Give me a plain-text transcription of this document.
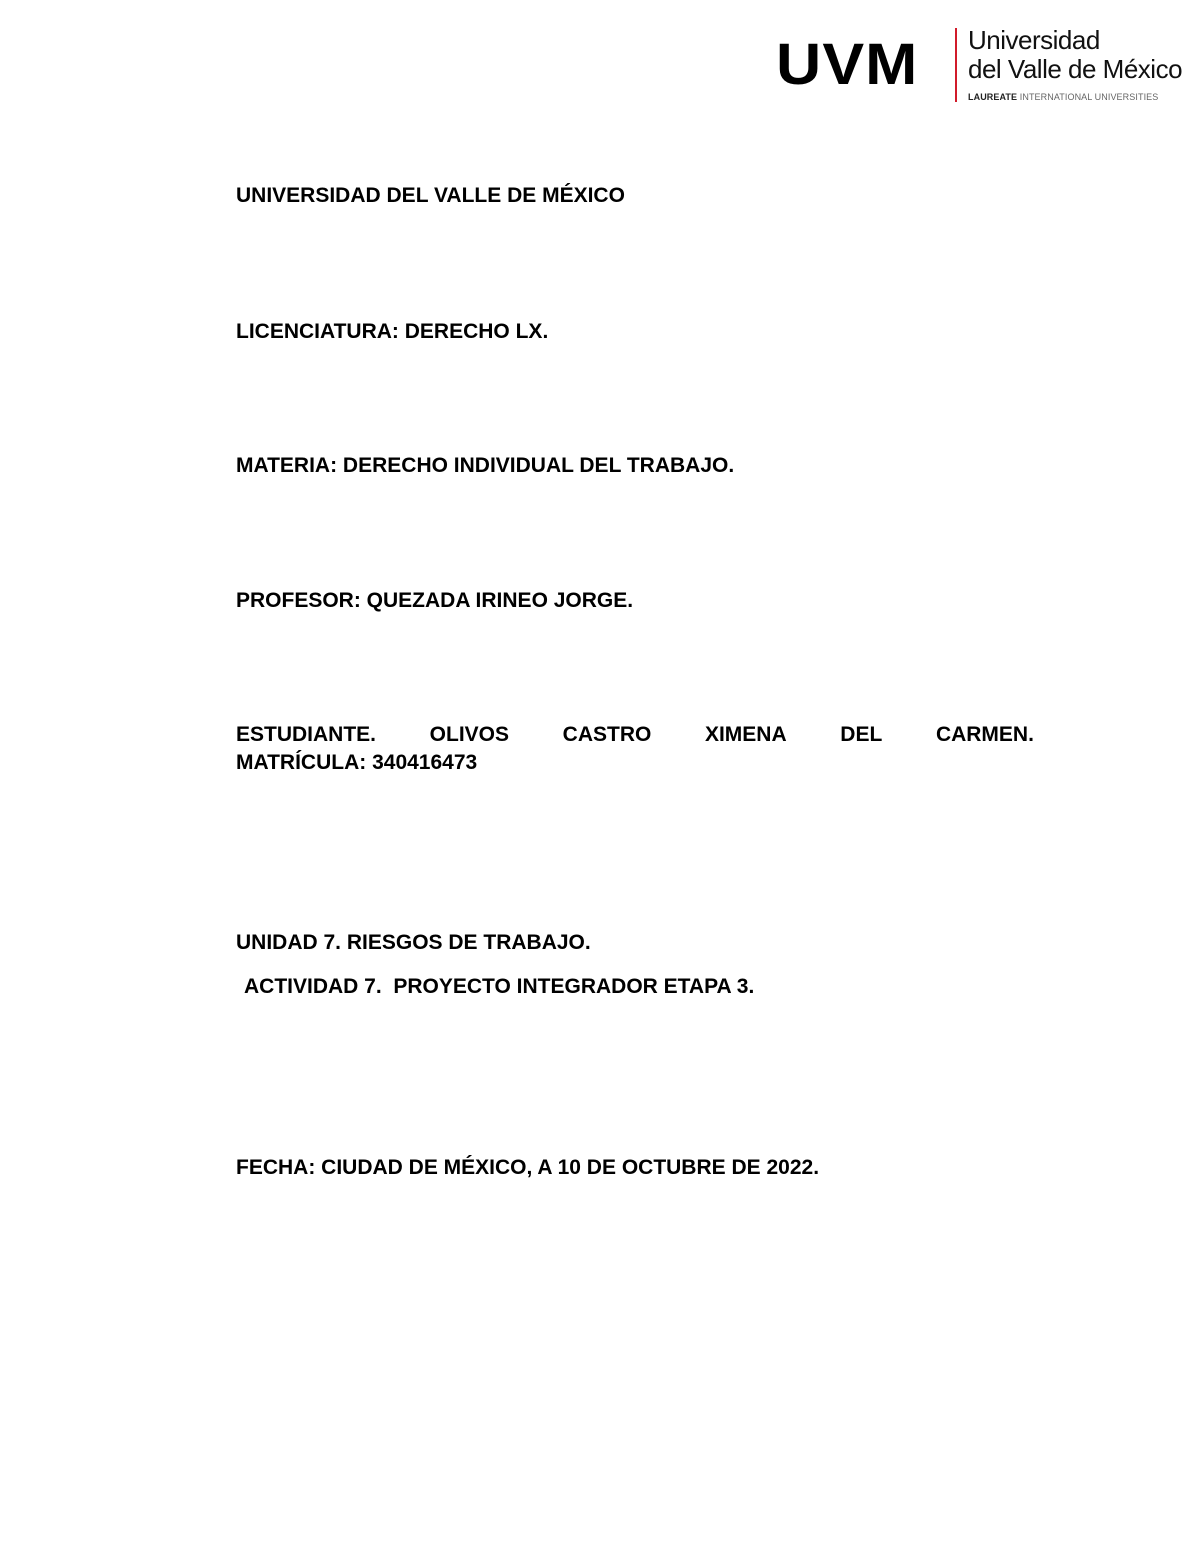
UVM Universidad
del Valle de México
LAUREATE INTERNATIONAL UNIVERSITIES

UNIVERSIDAD DEL VALLE DE MÉXICO

LICENCIATURA: DERECHO LX.

MATERIA: DERECHO INDIVIDUAL DEL TRABAJO.

PROFESOR: QUEZADA IRINEO JORGE.

ESTUDIANTE.	OLIVOS	CASTRO	XIMENA	DEL	CARMEN.

MATRÍCULA: 340416473

UNIDAD 7. RIESGOS DE TRABAJO.

ACTIVIDAD 7.  PROYECTO INTEGRADOR ETAPA 3.

FECHA: CIUDAD DE MÉXICO, A 10 DE OCTUBRE DE 2022.
